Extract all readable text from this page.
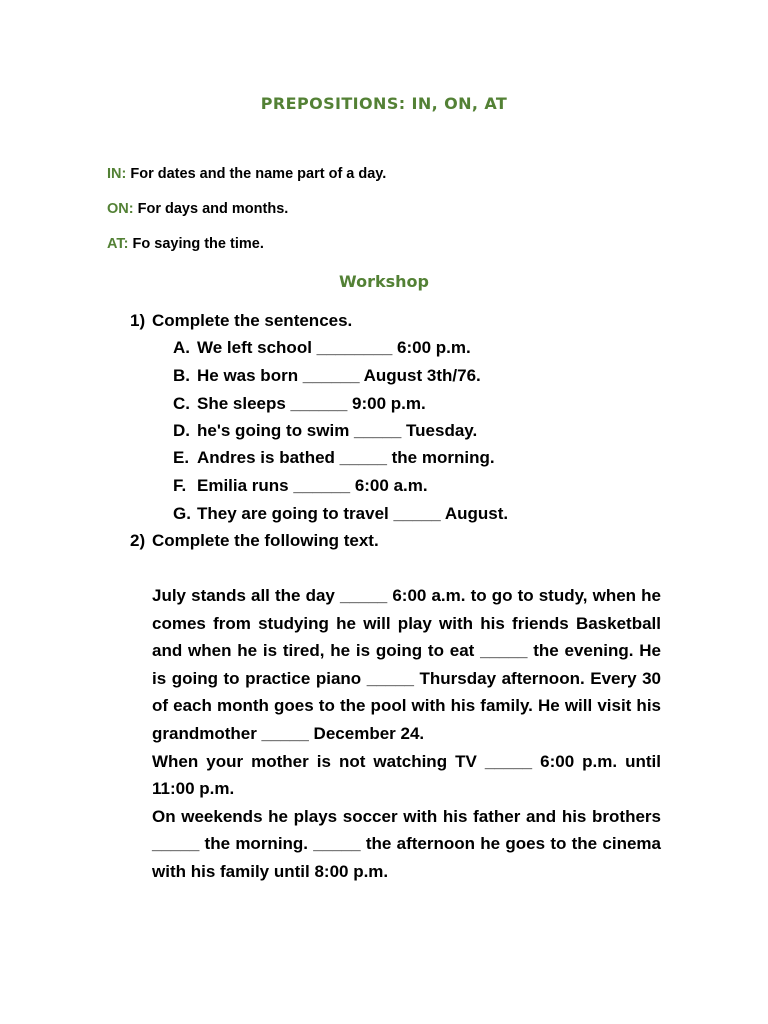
PREPOSITIONS: IN, ON, AT
IN: For dates and the name part of a day.
ON: For days and months.
AT: Fo saying the time.
Workshop
1) Complete the sentences.
A. We left school ________ 6:00 p.m.
B. He was born ______ August 3th/76.
C. She sleeps ______ 9:00 p.m.
D. he's going to swim _____ Tuesday.
E. Andres is bathed _____ the morning.
F. Emilia runs ______ 6:00 a.m.
G. They are going to travel _____ August.
2) Complete the following text.

July stands all the day _____ 6:00 a.m. to go to study, when he comes from studying he will play with his friends Basketball and when he is tired, he is going to eat _____ the evening. He is going to practice piano _____ Thursday afternoon. Every 30 of each month goes to the pool with his family. He will visit his grandmother _____ December 24.

When your mother is not watching TV _____ 6:00 p.m. until 11:00 p.m.

On weekends he plays soccer with his father and his brothers _____ the morning. _____ the afternoon he goes to the cinema with his family until 8:00 p.m.
